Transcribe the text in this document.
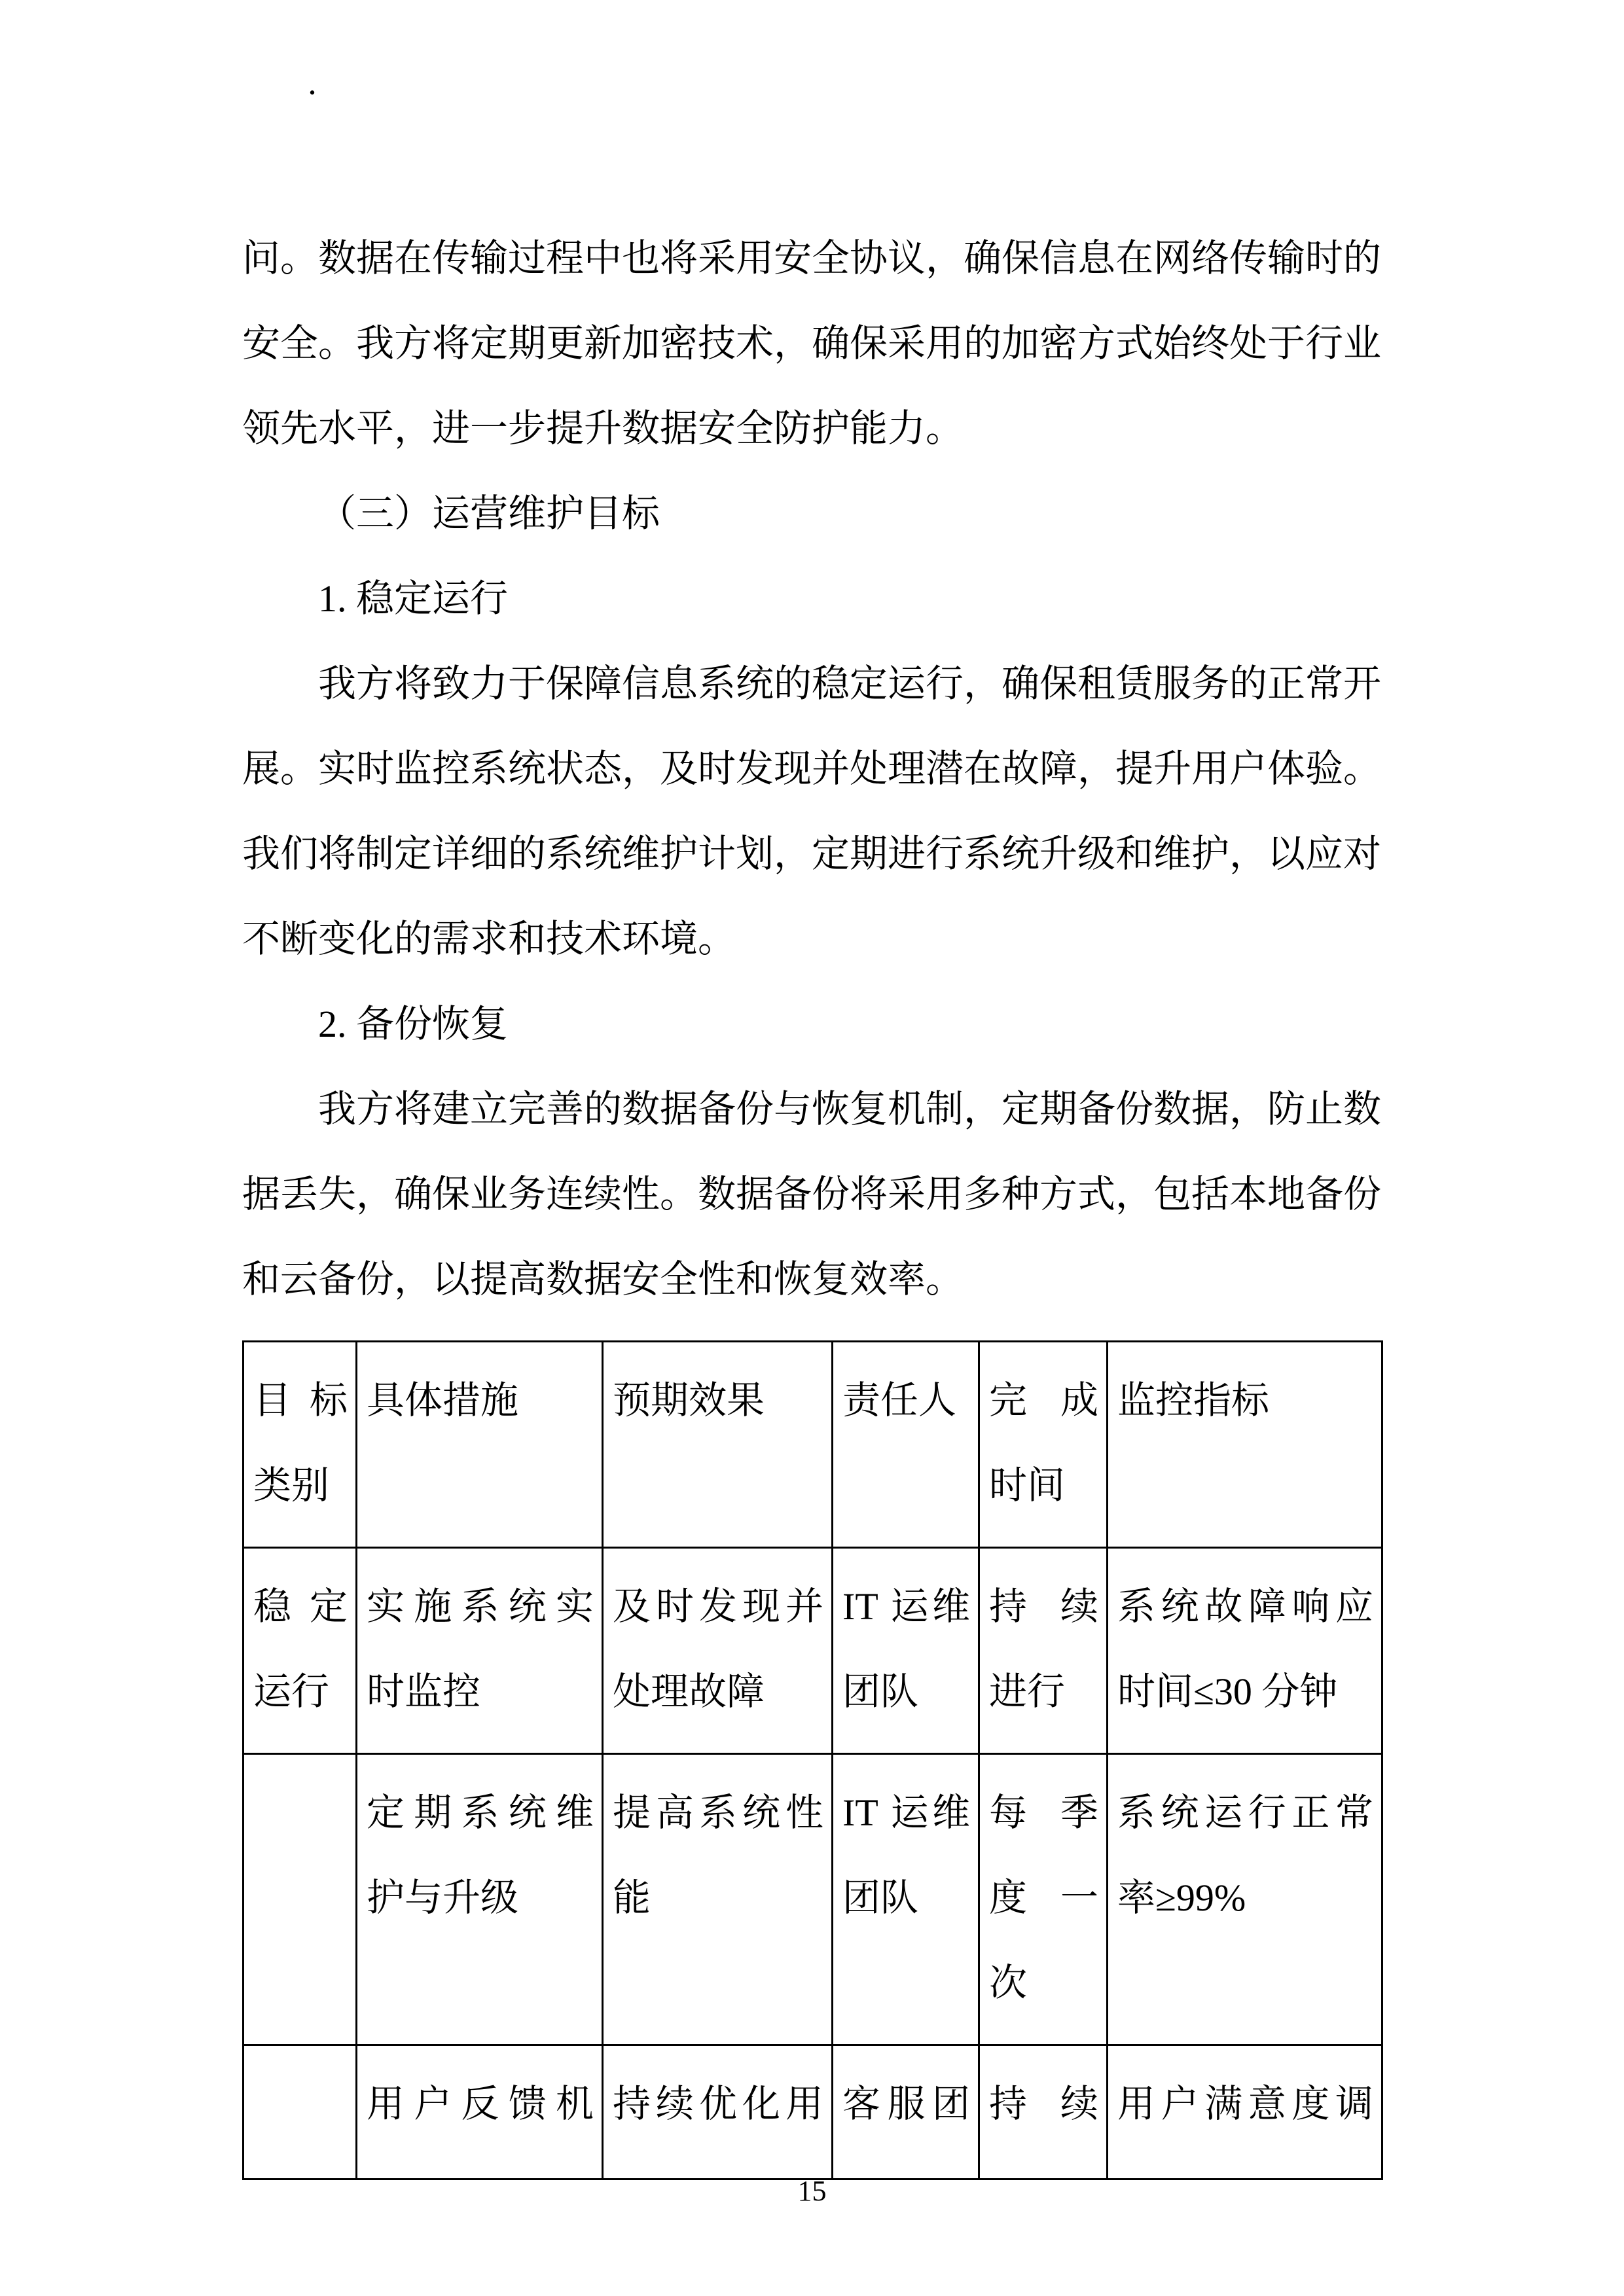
·

问。数据在传输过程中也将采用安全协议，确保信息在网络传输时的安全。我方将定期更新加密技术，确保采用的加密方式始终处于行业领先水平，进一步提升数据安全防护能力。

（三）运营维护目标

1. 稳定运行

我方将致力于保障信息系统的稳定运行，确保租赁服务的正常开展。实时监控系统状态，及时发现并处理潜在故障，提升用户体验。我们将制定详细的系统维护计划，定期进行系统升级和维护，以应对不断变化的需求和技术环境。

2. 备份恢复

我方将建立完善的数据备份与恢复机制，定期备份数据，防止数据丢失，确保业务连续性。数据备份将采用多种方式，包括本地备份和云备份，以提高数据安全性和恢复效率。

目标类别	具体措施	预期效果	责任人	完成时间	监控指标
稳定运行	实施系统实时监控	及时发现并处理故障	IT 运维团队	持续进行	系统故障响应时间≤30 分钟
	定期系统维护与升级	提高系统性能	IT 运维团队	每季度一次	系统运行正常率≥99%
	用户反馈机	持续优化用	客服团	持续	用户满意度调
15
